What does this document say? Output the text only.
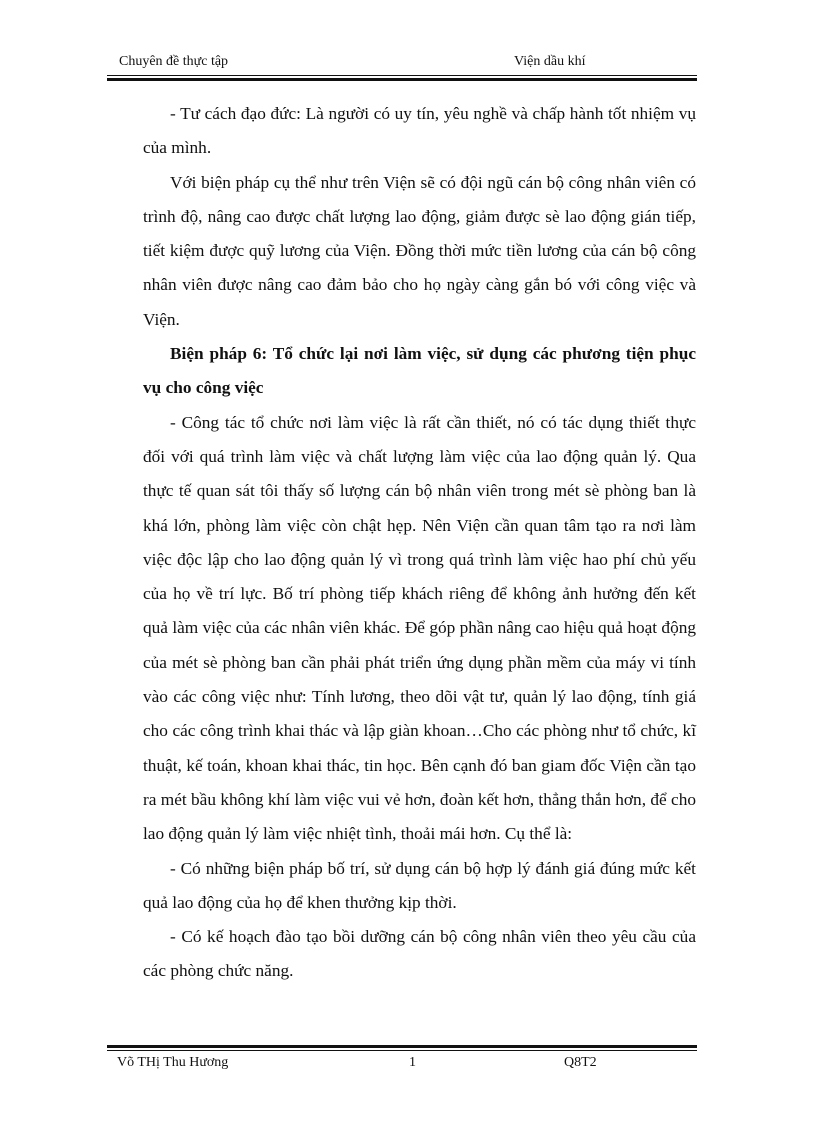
Chuyên đề thực tập	Viện dầu khí

- Tư cách đạo đức: Là người có uy tín, yêu nghề và chấp hành tốt nhiệm vụ của mình.

Với biện pháp cụ thể như trên Viện sẽ có đội ngũ cán bộ công nhân viên có trình độ, nâng cao được chất lượng lao động, giảm được sè lao động gián tiếp, tiết kiệm được quỹ lương của Viện. Đồng thời mức tiền lương của cán bộ công nhân viên được nâng cao đảm bảo cho họ ngày càng gắn bó với công việc và Viện.

Biện pháp 6: Tổ chức lại nơi làm việc, sử dụng các phương tiện phục vụ cho công việc

- Công tác tổ chức nơi làm việc là rất cần thiết, nó có tác dụng thiết thực đối với quá trình làm việc và chất lượng làm việc của lao động quản lý. Qua thực tế quan sát tôi thấy số lượng cán bộ nhân viên trong mét sè phòng ban là khá lớn, phòng làm việc còn chật hẹp. Nên Viện cần quan tâm tạo ra nơi làm việc độc lập cho lao động quản lý vì trong quá trình làm việc hao phí chủ yếu của họ về trí lực. Bố trí phòng tiếp khách riêng để không ảnh hưởng đến kết quả làm việc của các nhân viên khác. Để góp phần nâng cao hiệu quả hoạt động của mét sè phòng ban cần phải phát triển ứng dụng phần mềm của máy vi tính vào các công việc như: Tính lương, theo dõi vật tư, quản lý lao động, tính giá cho các công trình khai thác và lập giàn khoan…Cho các phòng như tổ chức, kĩ thuật, kế toán, khoan khai thác, tin học. Bên cạnh đó ban giam đốc Viện cần tạo ra mét bầu không khí làm việc vui vẻ hơn, đoàn kết hơn, thẳng thắn hơn, để cho lao động quản lý làm việc nhiệt tình, thoải mái hơn. Cụ thể là:

- Có những biện pháp bố trí, sử dụng cán bộ hợp lý đánh giá đúng mức kết quả lao động của họ để khen thưởng kịp thời.

- Có kế hoạch đào tạo bồi dưỡng cán bộ công nhân viên theo yêu cầu của các phòng chức năng.

Võ THị Thu Hương	1	Q8T2
